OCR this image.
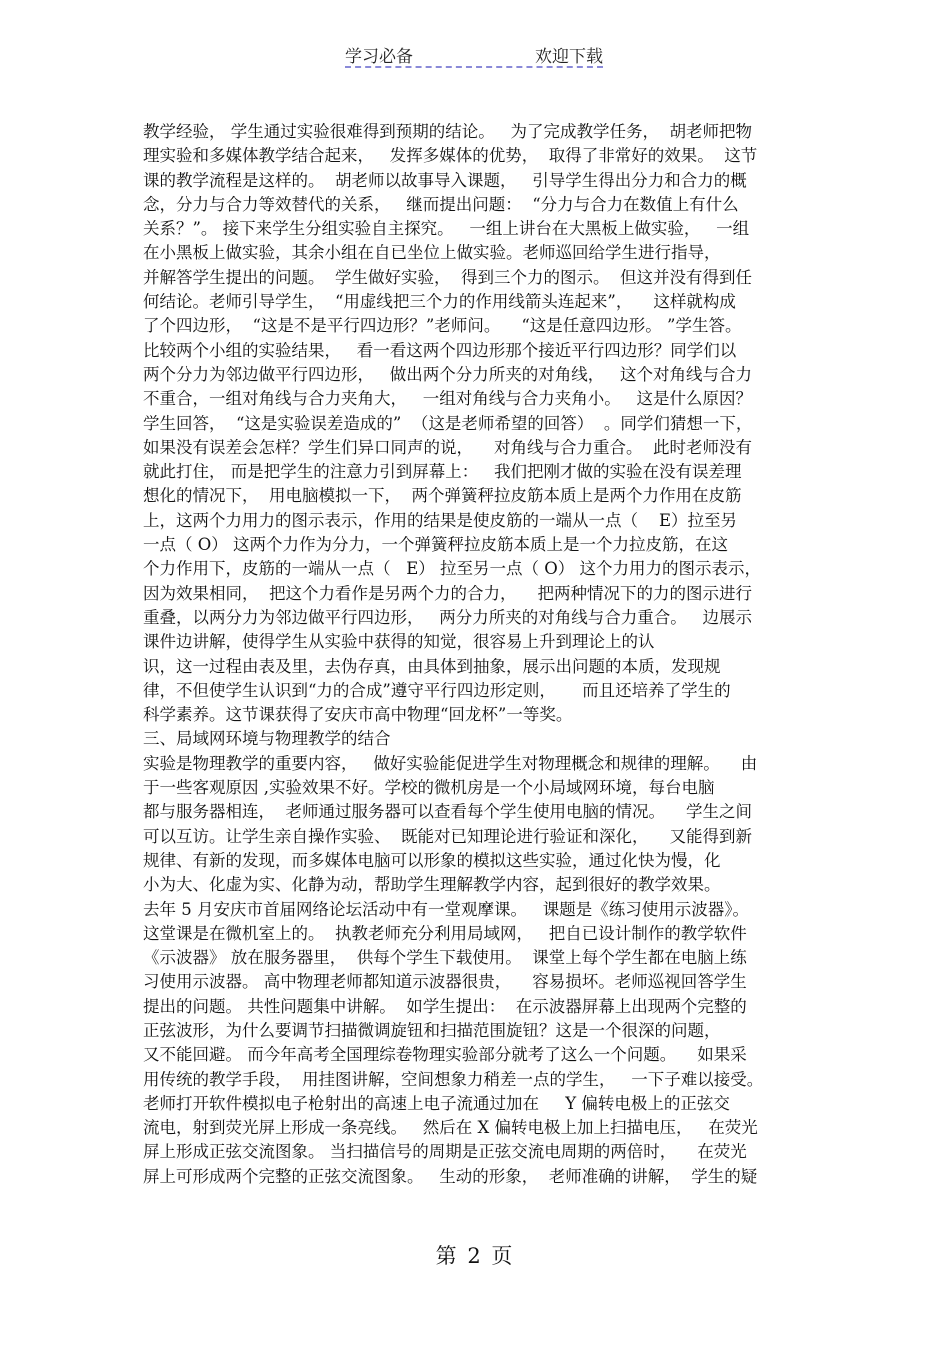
学习必备	欢迎下载
教学经验， 学生通过实验很难得到预期的结论。   为了完成教学任务，  胡老师把物
理实验和多媒体教学结合起来，   发挥多媒体的优势，  取得了非常好的效果。  这节
课的教学流程是这样的。  胡老师以故事导入课题，   引导学生得出分力和合力的概
念，分力与合力等效替代的关系，   继而提出问题：  “分力与合力在数值上有什么
关系？”。 接下来学生分组实验自主探究。   一组上讲台在大黑板上做实验，   一组
在小黑板上做实验，其余小组在自已坐位上做实验。老师巡回给学生进行指导，
并解答学生提出的问题。  学生做好实验，  得到三个力的图示。  但这并没有得到任
何结论。老师引导学生，  “用虚线把三个力的作用线箭头连起来”，    这样就构成
了个四边形，  “这是不是平行四边形？”老师问。    “这是任意四边形。 ”学生答。
比较两个小组的实验结果，   看一看这两个四边形那个接近平行四边形？同学们以
两个分力为邻边做平行四边形，   做出两个分力所夹的对角线，   这个对角线与合力
不重合，一组对角线与合力夹角大，   一组对角线与合力夹角小。   这是什么原因？
学生回答，  “这是实验误差造成的”  （这是老师希望的回答）  。同学们猜想一下，
如果没有误差会怎样？学生们异口同声的说，    对角线与合力重合。  此时老师没有
就此打住， 而是把学生的注意力引到屏幕上：   我们把刚才做的实验在没有误差理
想化的情况下，  用电脑模拟一下，  两个弹簧秤拉皮筋本质上是两个力作用在皮筋
上，这两个力用力的图示表示，作用的结果是使皮筋的一端从一点（    E）拉至另
一点（ O） 这两个力作为分力，一个弹簧秤拉皮筋本质上是一个力拉皮筋，在这
个力作用下，皮筋的一端从一点（   E） 拉至另一点（ O） 这个力用力的图示表示，
因为效果相同，  把这个力看作是另两个力的合力，    把两种情况下的力的图示进行
重叠，以两分力为邻边做平行四边形，   两分力所夹的对角线与合力重合。   边展示
课件边讲解，使得学生从实验中获得的知觉，很容易上升到理论上的认
识，这一过程由表及里，去伪存真，由具体到抽象，展示出问题的本质，发现规
律，不但使学生认识到“力的合成”遵守平行四边形定则，     而且还培养了学生的
科学素养。这节课获得了安庆市高中物理“回龙杯”一等奖。
三、局域网环境与物理教学的结合
实验是物理教学的重要内容，   做好实验能促进学生对物理概念和规律的理解。    由
于一些客观原因 ,实验效果不好。学校的微机房是一个小局域网环境，每台电脑
都与服务器相连，  老师通过服务器可以查看每个学生使用电脑的情况。    学生之间
可以互访。让学生亲自操作实验、  既能对已知理论进行验证和深化，    又能得到新
规律、有新的发现，而多媒体电脑可以形象的模拟这些实验，通过化快为慢，化
小为大、化虚为实、化静为动，帮助学生理解教学内容，起到很好的教学效果。
去年 5 月安庆市首届网络论坛活动中有一堂观摩课。   课题是《练习使用示波器》。
这堂课是在微机室上的。  执教老师充分利用局域网，   把自已设计制作的教学软件
《示波器》 放在服务器里，  供每个学生下载使用。  课堂上每个学生都在电脑上练
习使用示波器。 高中物理老师都知道示波器很贵，    容易损坏。老师巡视回答学生
提出的问题。 共性问题集中讲解。  如学生提出：  在示波器屏幕上出现两个完整的
正弦波形，为什么要调节扫描微调旋钮和扫描范围旋钮？这是一个很深的问题，
又不能回避。 而今年高考全国理综卷物理实验部分就考了这么一个问题。    如果采
用传统的教学手段，  用挂图讲解，空间想象力稍差一点的学生，   一下子难以接受。
老师打开软件模拟电子枪射出的高速上电子流通过加在     Y 偏转电极上的正弦交
流电，射到荧光屏上形成一条亮线。   然后在 X 偏转电极上加上扫描电压，   在荧光
屏上形成正弦交流图象。 当扫描信号的周期是正弦交流电周期的两倍时，    在荧光
屏上可形成两个完整的正弦交流图象。   生动的形象，  老师准确的讲解，  学生的疑
第 2 页
